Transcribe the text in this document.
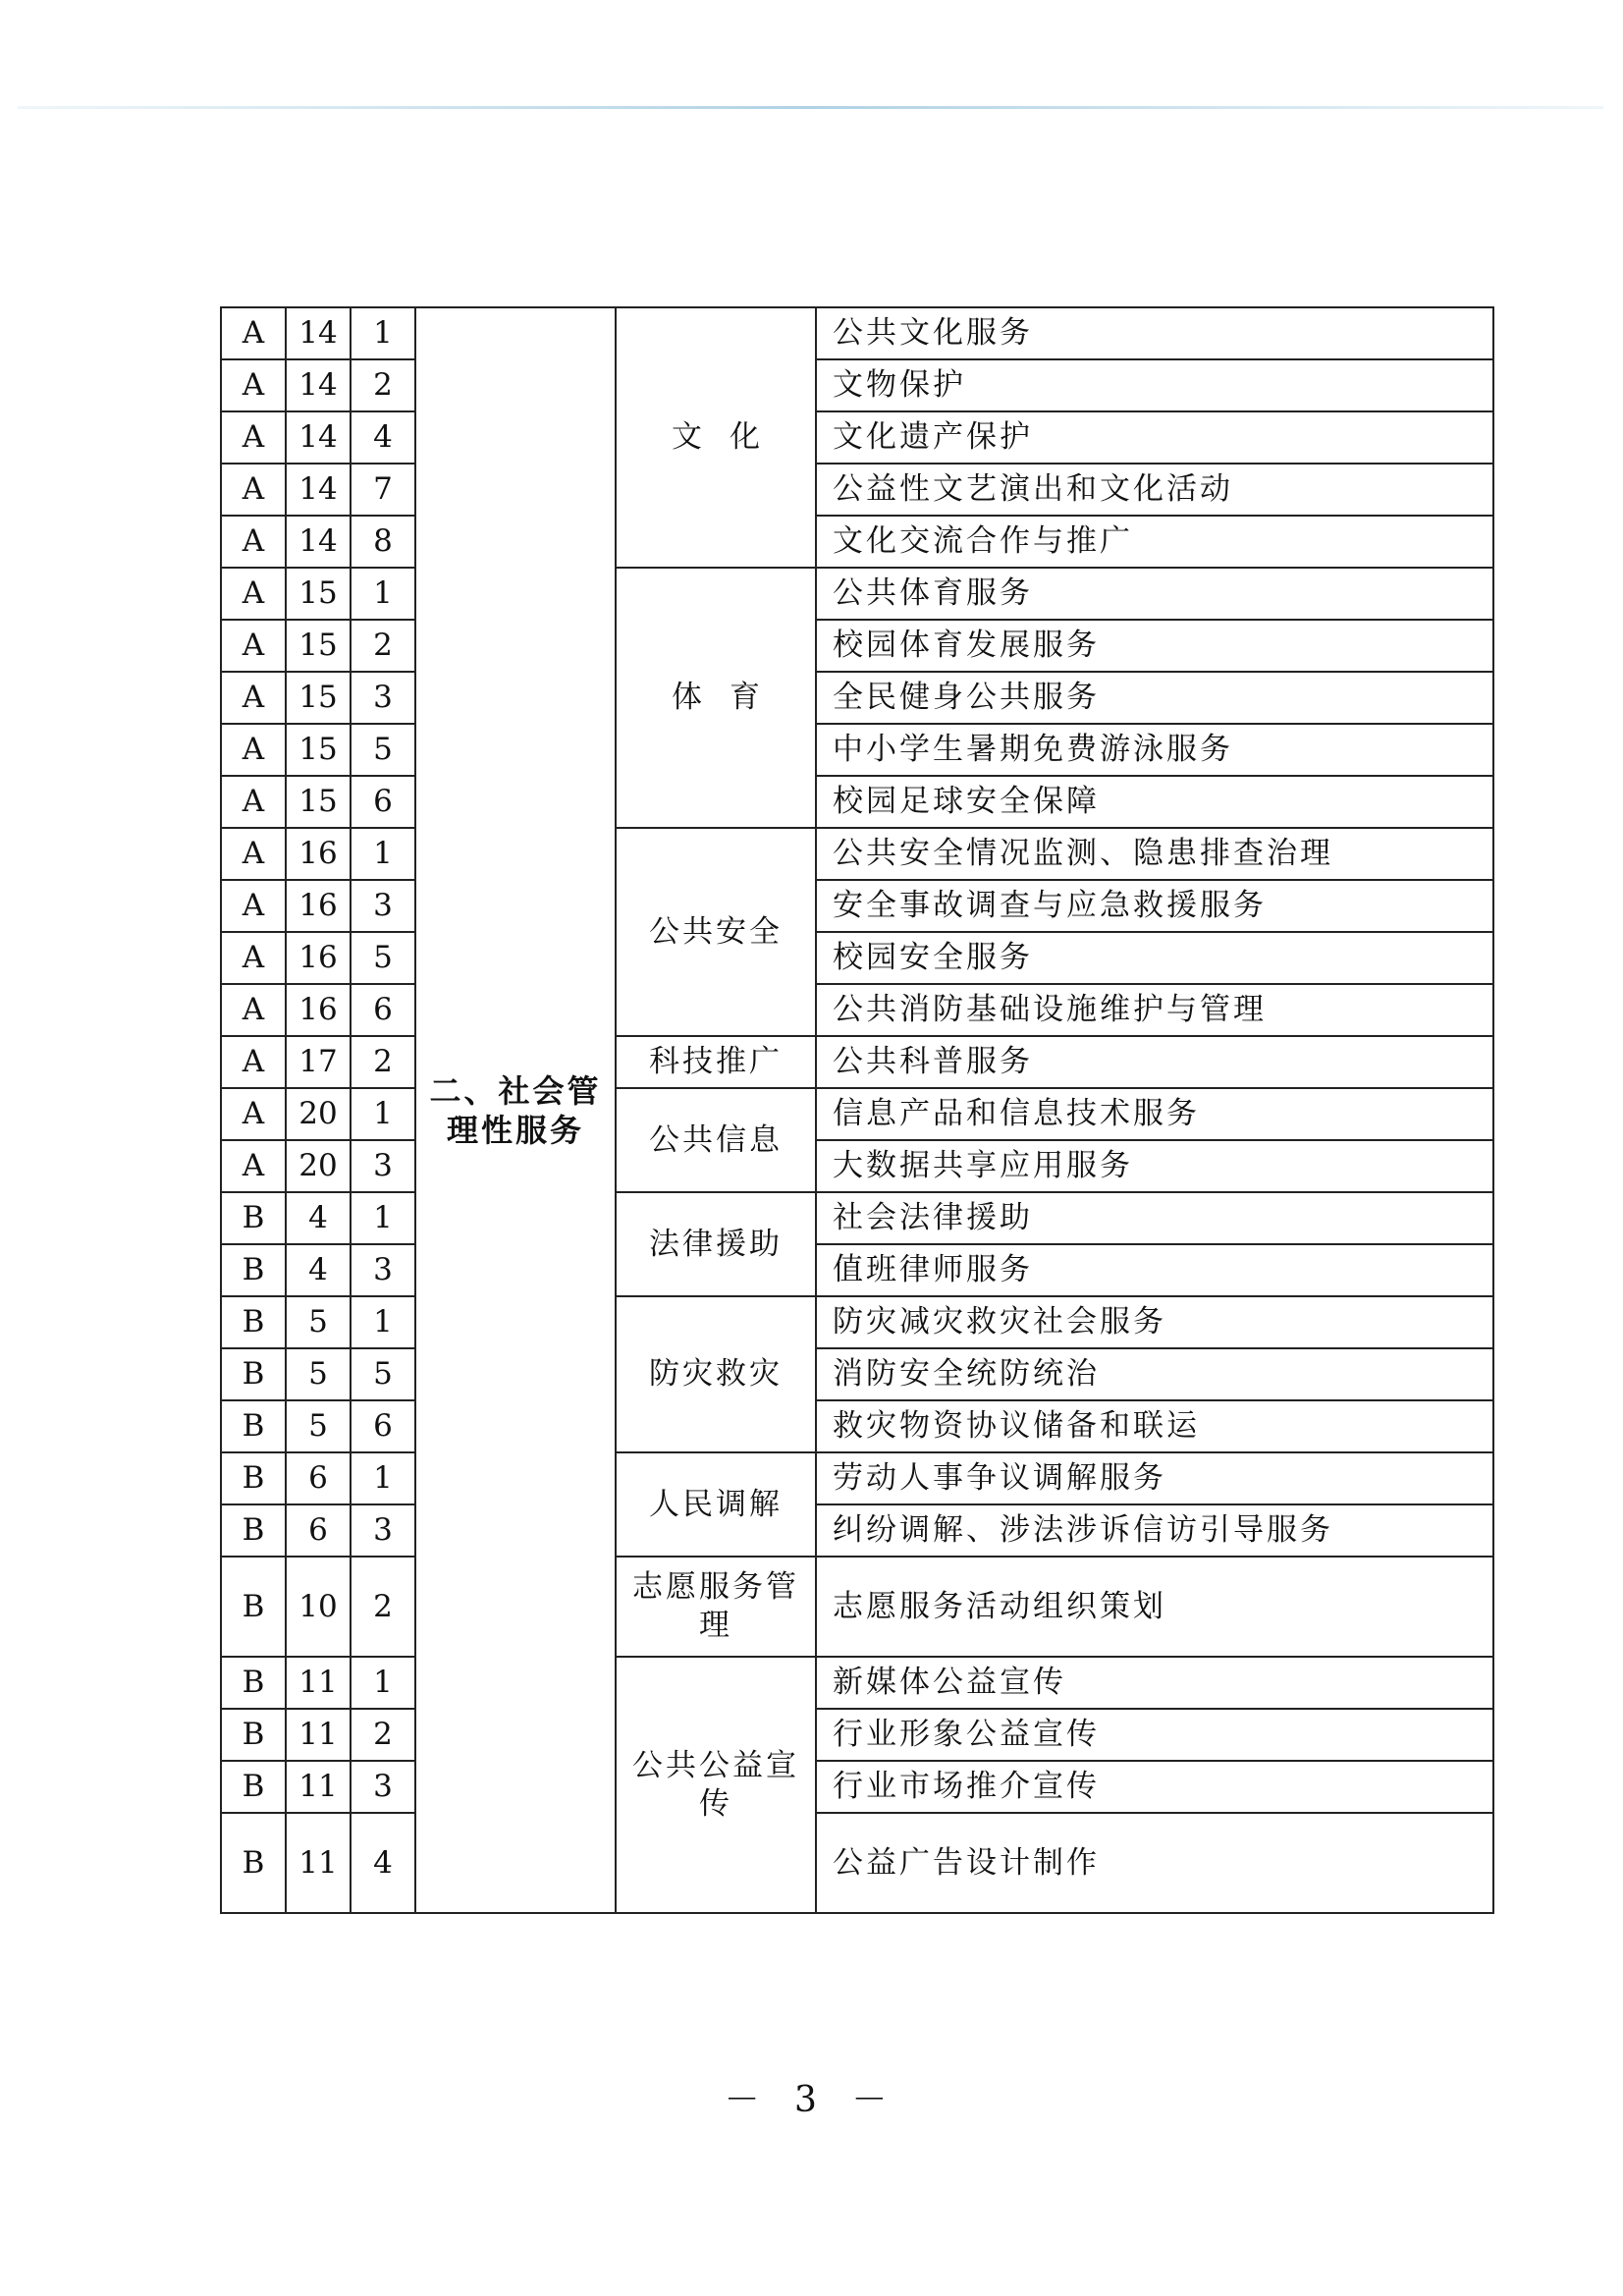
A	14	1	二、社会管理性服务	文化	公共文化服务
A	14	2			文物保护
A	14	4			文化遗产保护
A	14	7			公益性文艺演出和文化活动
A	14	8			文化交流合作与推广
A	15	1		体育	公共体育服务
A	15	2			校园体育发展服务
A	15	3			全民健身公共服务
A	15	5			中小学生暑期免费游泳服务
A	15	6			校园足球安全保障
A	16	1		公共安全	公共安全情况监测、隐患排查治理
A	16	3			安全事故调查与应急救援服务
A	16	5			校园安全服务
A	16	6			公共消防基础设施维护与管理
A	17	2		科技推广	公共科普服务
A	20	1		公共信息	信息产品和信息技术服务
A	20	3			大数据共享应用服务
B	4	1		法律援助	社会法律援助
B	4	3			值班律师服务
B	5	1		防灾救灾	防灾减灾救灾社会服务
B	5	5			消防安全统防统治
B	5	6			救灾物资协议储备和联运
B	6	1		人民调解	劳动人事争议调解服务
B	6	3			纠纷调解、涉法涉诉信访引导服务
B	10	2		志愿服务管理	志愿服务活动组织策划
B	11	1		公共公益宣传	新媒体公益宣传
B	11	2			行业形象公益宣传
B	11	3			行业市场推介宣传
B	11	4			公益广告设计制作
－ 3 －
